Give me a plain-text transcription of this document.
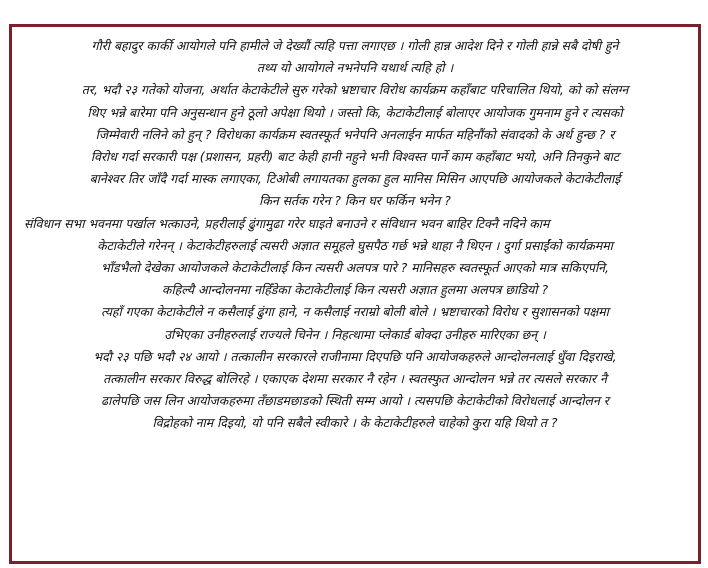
गौरी बहादुर कार्की आयोगले पनि हामीले जे देख्यौं त्यहि पत्ता लगाएछ । गोली हान्न आदेश दिने र गोली हान्ने सबै दोषी हुने
तथ्य यो आयोगले नभनेपनि यथार्थ त्यहि हो ।

तर, भदौ २३ गतेको योजना, अर्थात केटाकेटीले सुरु गरेको भ्रष्टाचार विरोध कार्यक्रम कहाँबाट परिचालित थियो, को को संलग्न
थिए भन्ने बारेमा पनि अनुसन्धान हुने ठूलो अपेक्षा थियो । जस्तो कि, केटाकेटीलाई बोलाएर आयोजक गुमनाम हुने र त्यसको
जिम्मेवारी नलिने को हुन् ? विरोधका कार्यक्रम स्वतस्फूर्त भनेपनि अनलाईन मार्फत महिनौंको संवादको के अर्थ हुन्छ ? र
विरोध गर्दा सरकारी पक्ष (प्रशासन, प्रहरी) बाट केही हानी नहुने भनी विश्वस्त पार्ने काम कहाँबाट भयो, अनि तिनकुने बाट
बानेश्वर तिर जाँदै गर्दा मास्क लगाएका, टिओबी लगायतका हुलका हुल मानिस मिसिन आएपछि आयोजकले केटाकेटीलाई
किन सर्तक गरेन ? किन घर फर्किन भनेन ?

संविधान सभा भवनमा पर्खाल भत्काउने, प्रहरीलाई ढुंगामुढा गरेर घाइते बनाउने र संविधान भवन बाहिर टिक्नै नदिने काम
केटाकेटीले गरेनन् । केटाकेटीहरुलाई त्यसरी अज्ञात समूहले घुसपैठ गर्छ भन्ने थाहा नै थिएन । दुर्गा प्रसाईंको कार्यक्रममा
भाँडभैलो देखेका आयोजकले केटाकेटीलाई किन त्यसरी अलपत्र पारे ? मानिसहरु स्वतस्फूर्त आएको मात्र सकिएपनि,
कहिल्यै आन्दोलनमा नहिँडेका केटाकेटीलाई किन त्यसरी अज्ञात हुलमा अलपत्र छाडियो ?

त्यहाँ गएका केटाकेटीले न कसैलाई ढुंगा हाने, न कसैलाई नराम्रो बोली बोले । भ्रष्टाचारको विरोध र सुशासनको पक्षमा
उभिएका उनीहरुलाई राज्यले चिनेन । निहत्थामा प्लेकार्ड बोक्दा उनीहरु मारिएका छन् ।

भदौ २३ पछि भदौ २४ आयो । तत्कालीन सरकारले राजीनामा दिएपछि पनि आयोजकहरुले आन्दोलनलाई धुँवा दिइराखे,
तत्कालीन सरकार विरुद्ध बोलिरहे । एकाएक देशमा सरकार नै रहेन । स्वतस्फुत आन्दोलन भन्ने तर त्यसले सरकार नै
ढालेपछि जस लिन आयोजकहरुमा तँछाडमछाडको स्थिती सम्म आयो । त्यसपछि केटाकेटीको विरोधलाई आन्दोलन र
विद्रोहको नाम दिइयो, यो पनि सबैले स्वीकारे । के केटाकेटीहरुले चाहेको कुरा यहि थियो त ?
